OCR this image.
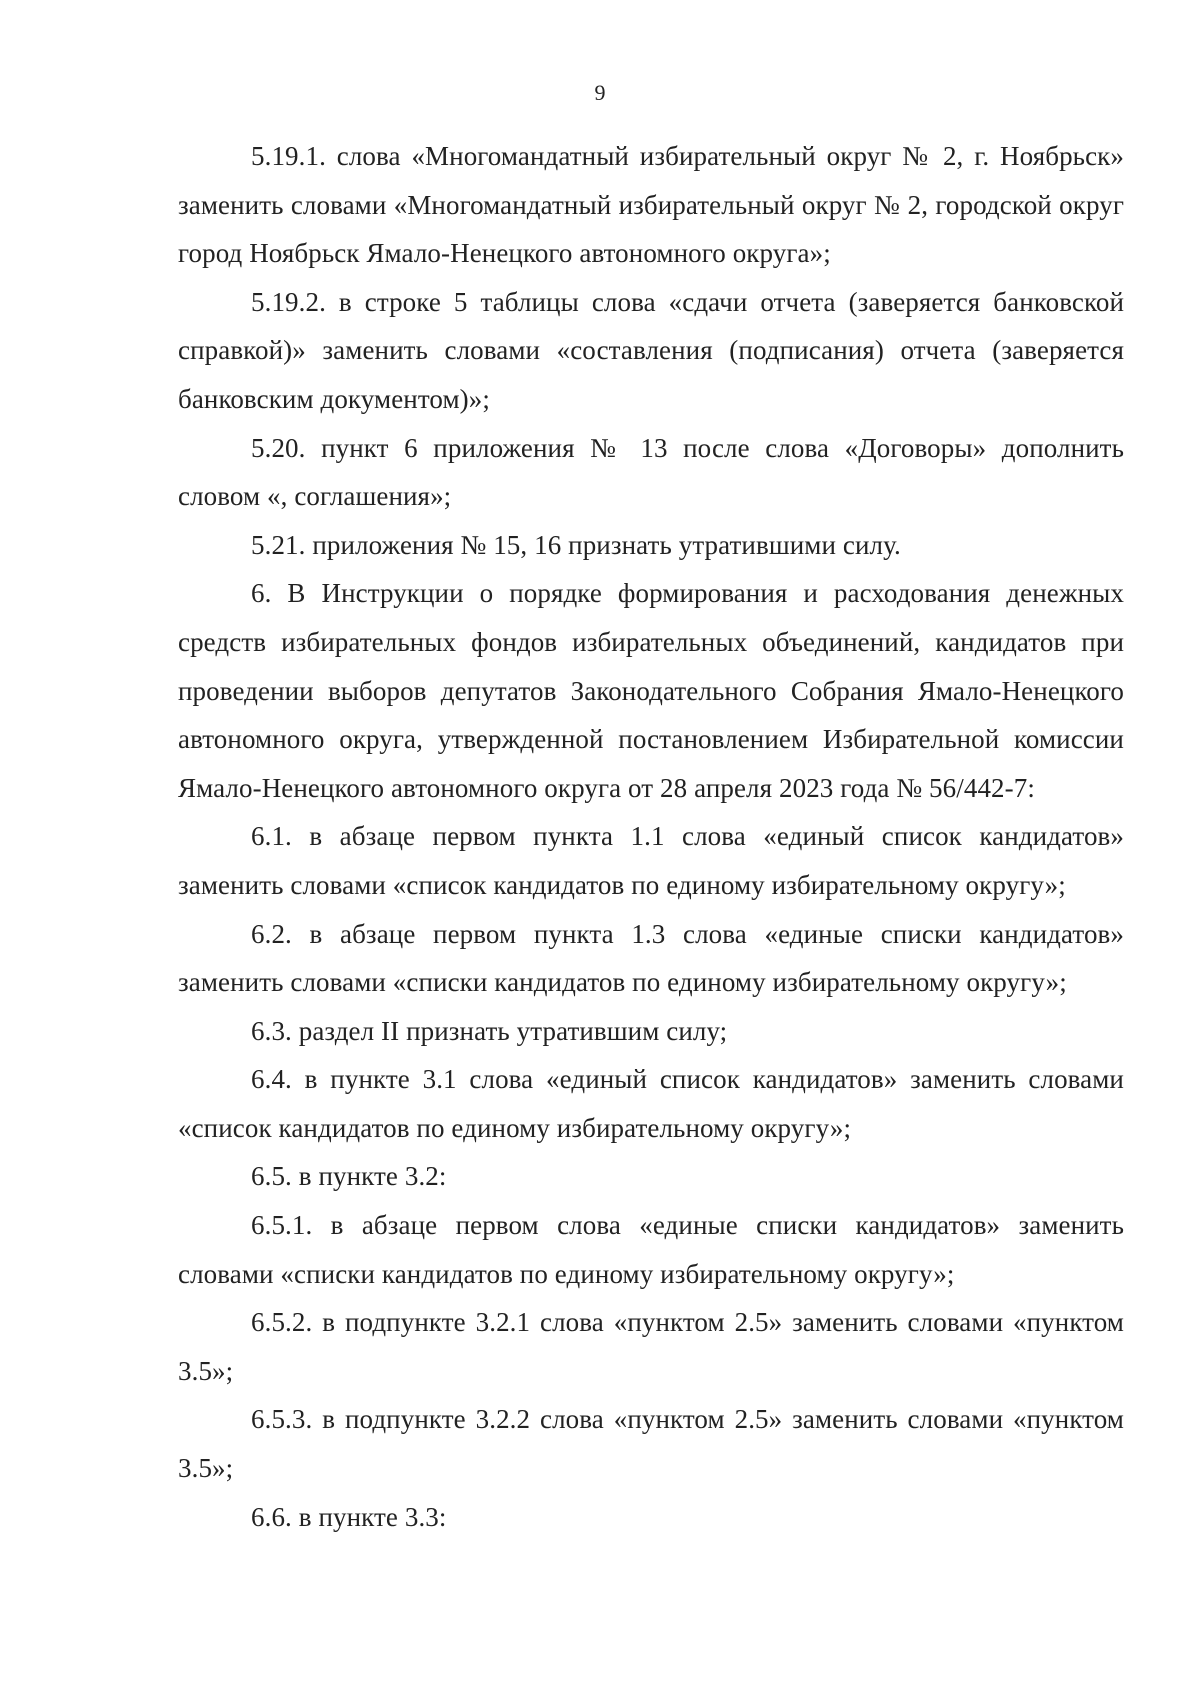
9

5.19.1. слова «Многомандатный избирательный округ № 2, г. Ноябрьск» заменить словами «Многомандатный избирательный округ № 2, городской округ город Ноябрьск Ямало-Ненецкого автономного округа»;

5.19.2. в строке 5 таблицы слова «сдачи отчета (заверяется банковской справкой)» заменить словами «составления (подписания) отчета (заверяется банковским документом)»;

5.20. пункт 6 приложения № 13 после слова «Договоры» дополнить словом «, соглашения»;

5.21. приложения № 15, 16 признать утратившими силу.

6. В Инструкции о порядке формирования и расходования денежных средств избирательных фондов избирательных объединений, кандидатов при проведении выборов депутатов Законодательного Собрания Ямало-Ненецкого автономного округа, утвержденной постановлением Избирательной комиссии Ямало-Ненецкого автономного округа от 28 апреля 2023 года № 56/442-7:

6.1. в абзаце первом пункта 1.1 слова «единый список кандидатов» заменить словами «список кандидатов по единому избирательному округу»;

6.2. в абзаце первом пункта 1.3 слова «единые списки кандидатов» заменить словами «списки кандидатов по единому избирательному округу»;

6.3. раздел II признать утратившим силу;

6.4. в пункте 3.1 слова «единый список кандидатов» заменить словами «список кандидатов по единому избирательному округу»;

6.5. в пункте 3.2:

6.5.1. в абзаце первом слова «единые списки кандидатов» заменить словами «списки кандидатов по единому избирательному округу»;

6.5.2. в подпункте 3.2.1 слова «пунктом 2.5» заменить словами «пунктом 3.5»;

6.5.3. в подпункте 3.2.2 слова «пунктом 2.5» заменить словами «пунктом 3.5»;

6.6. в пункте 3.3:
